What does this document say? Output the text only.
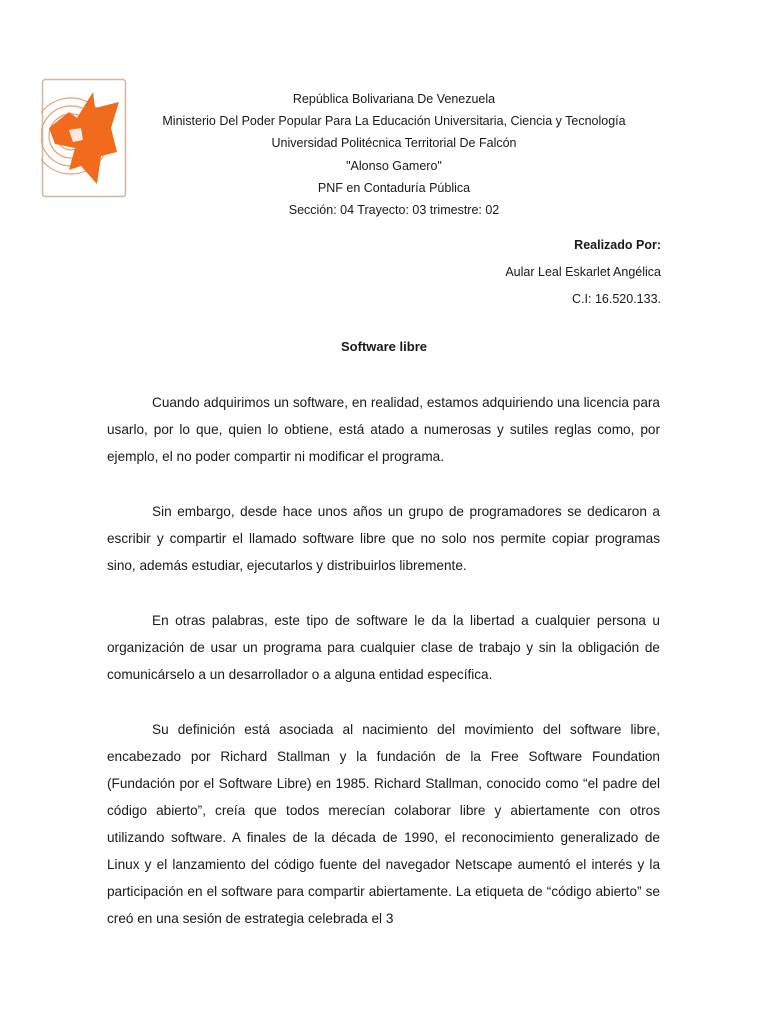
República Bolivariana De Venezuela
Ministerio Del Poder Popular Para La Educación Universitaria, Ciencia y Tecnología
Universidad Politécnica Territorial De Falcón
"Alonso Gamero"
PNF en Contaduría Pública
Sección: 04 Trayecto: 03 trimestre: 02
Realizado Por:
Aular Leal Eskarlet Angélica
C.I: 16.520.133.
Software libre

Cuando adquirimos un software, en realidad, estamos adquiriendo una licencia para usarlo, por lo que, quien lo obtiene, está atado a numerosas y sutiles reglas como, por ejemplo, el no poder compartir ni modificar el programa.

Sin embargo, desde hace unos años un grupo de programadores se dedicaron a escribir y compartir el llamado software libre que no solo nos permite copiar programas sino, además estudiar, ejecutarlos y distribuirlos libremente.

En otras palabras, este tipo de software le da la libertad a cualquier persona u organización de usar un programa para cualquier clase de trabajo y sin la obligación de comunicárselo a un desarrollador o a alguna entidad específica.

Su definición está asociada al nacimiento del movimiento del software libre, encabezado por Richard Stallman y la fundación de la Free Software Foundation (Fundación por el Software Libre) en 1985. Richard Stallman, conocido como “el padre del código abierto”, creía que todos merecían colaborar libre y abiertamente con otros utilizando software. A finales de la década de 1990, el reconocimiento generalizado de Linux y el lanzamiento del código fuente del navegador Netscape aumentó el interés y la participación en el software para compartir abiertamente. La etiqueta de “código abierto” se creó en una sesión de estrategia celebrada el 3
